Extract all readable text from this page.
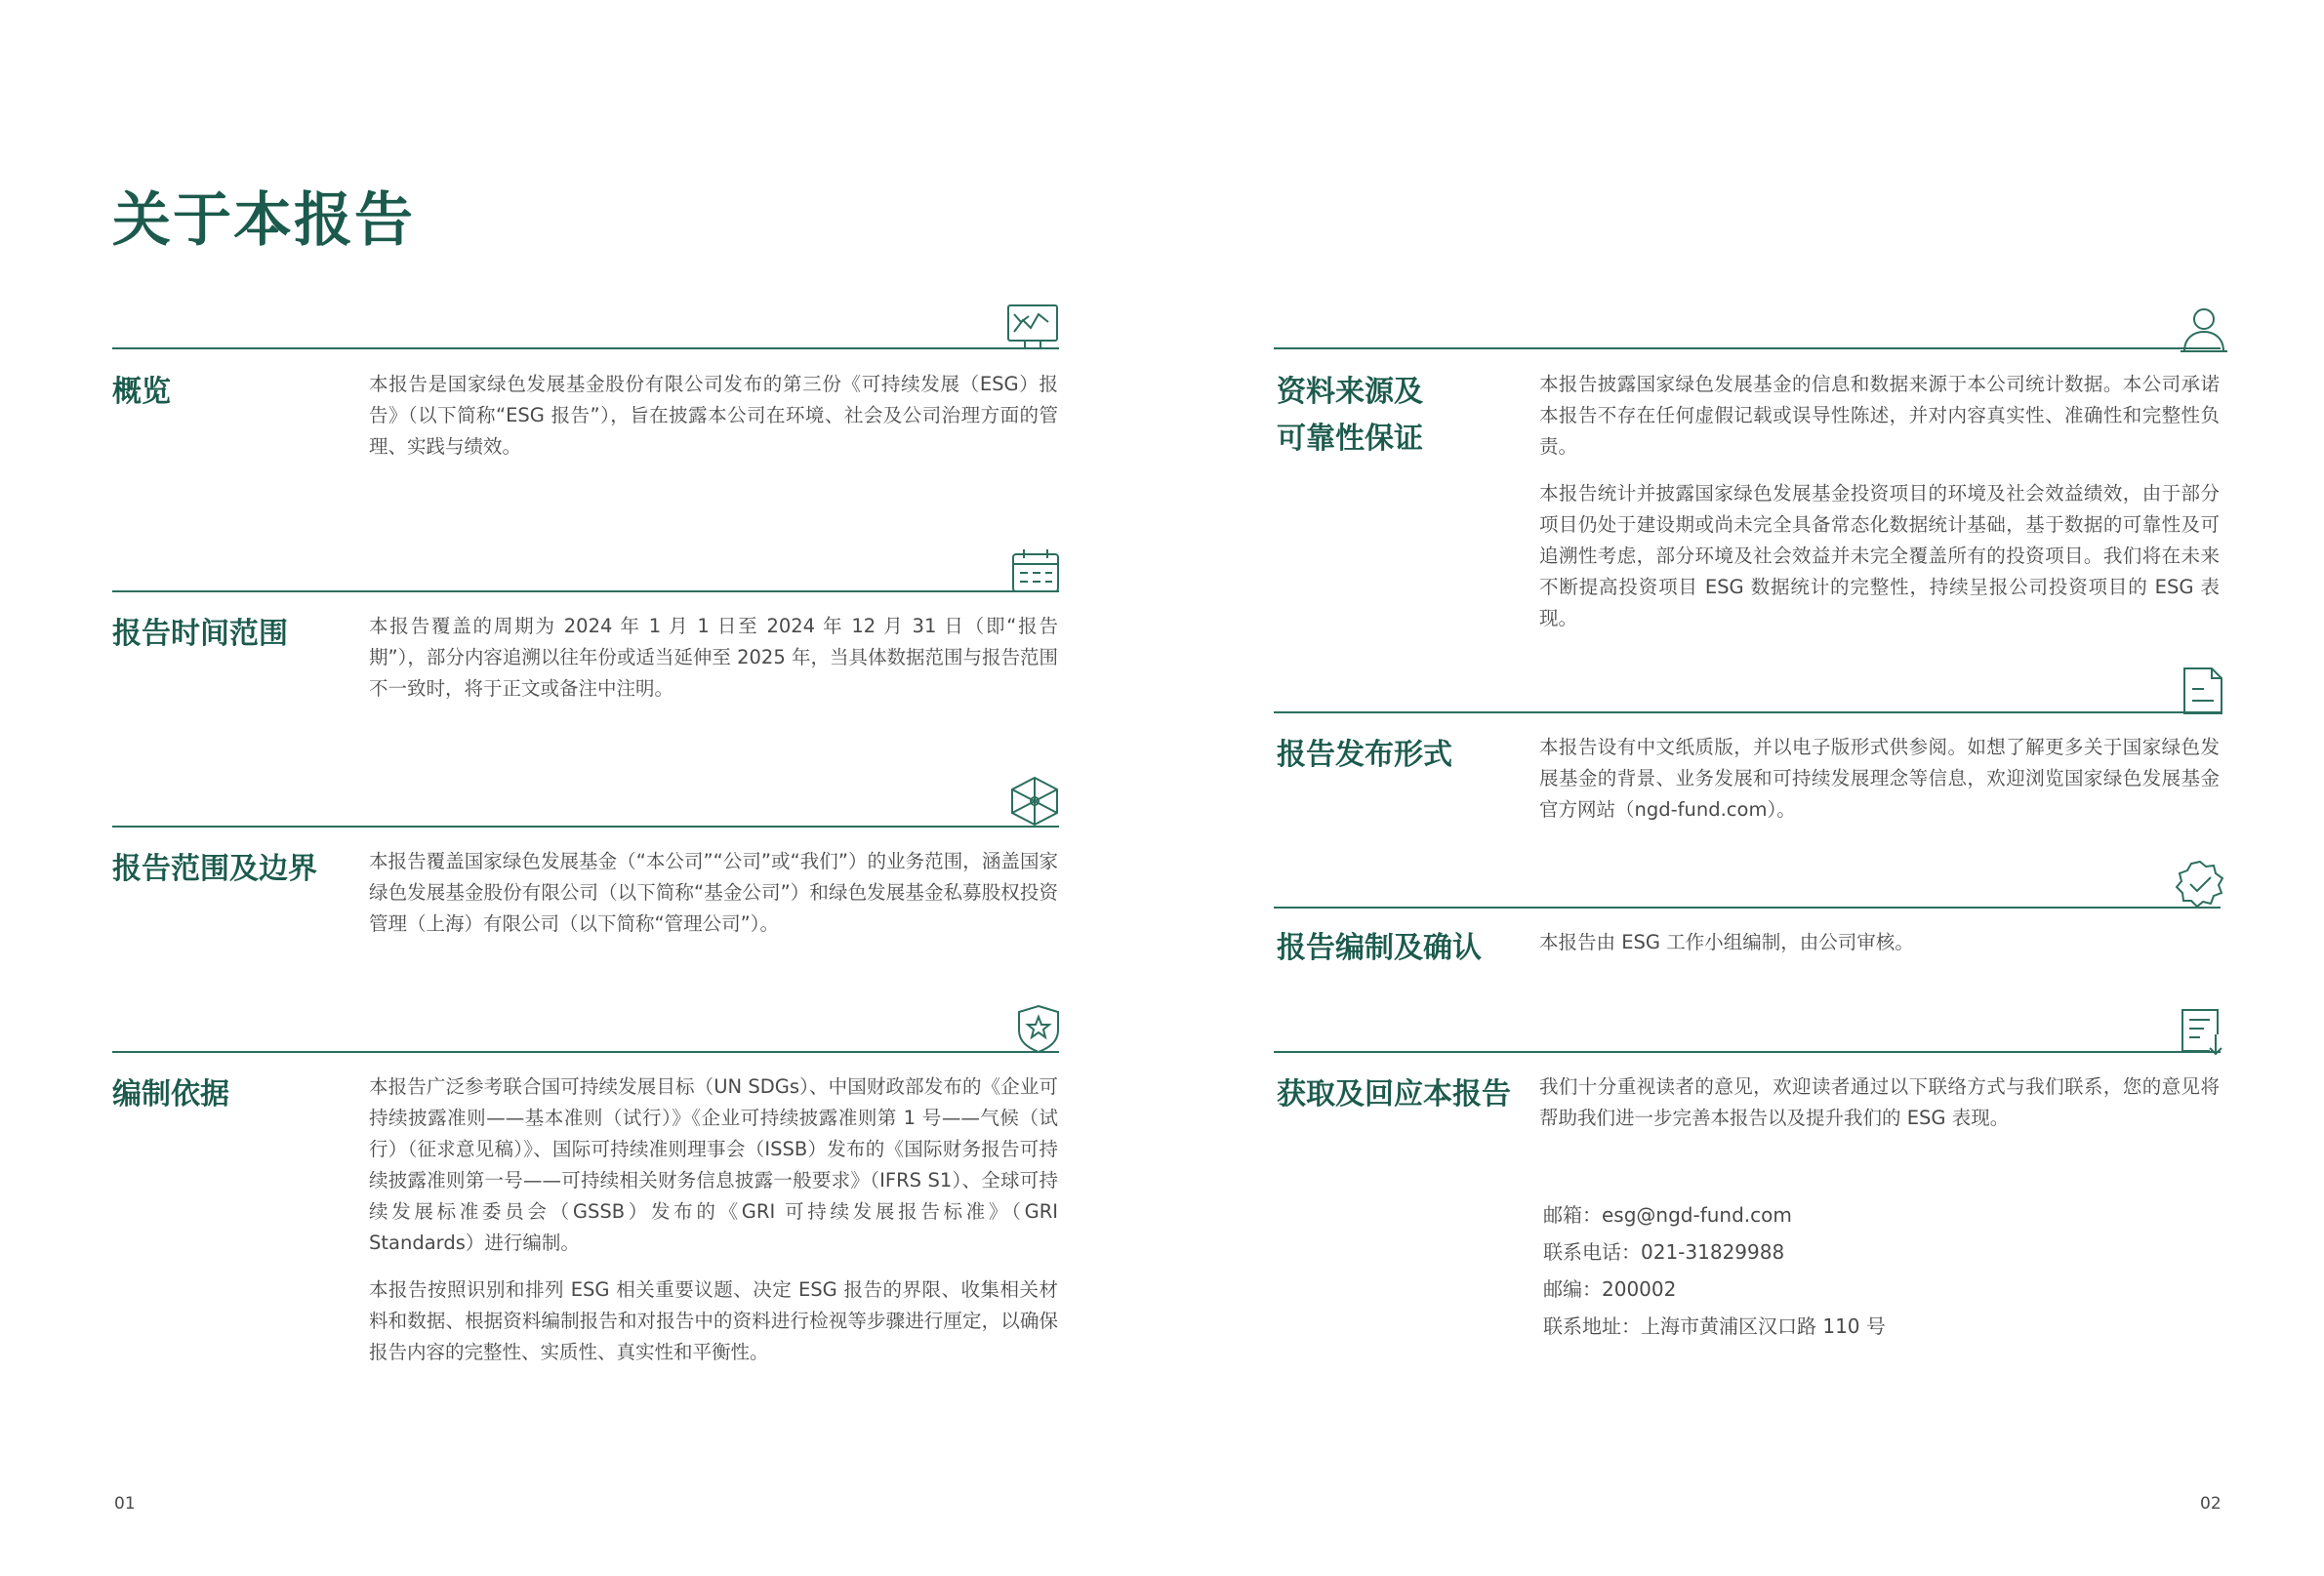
关于本报告
概览	本报告是国家绿色发展基金股份有限公司发布的第三份《可持续发展（ESG）报告》（以下简称“ESG 报告”），旨在披露本公司在环境、社会及公司治理方面的管理、实践与绩效。

报告时间范围	本报告覆盖的周期为 2024 年 1 月 1 日至 2024 年 12 月 31 日（即“报告期”），部分内容追溯以往年份或适当延伸至 2025 年，当具体数据范围与报告范围不一致时，将于正文或备注中注明。

报告范围及边界	本报告覆盖国家绿色发展基金（“本公司”“公司”或“我们”）的业务范围，涵盖国家绿色发展基金股份有限公司（以下简称“基金公司”）和绿色发展基金私募股权投资管理（上海）有限公司（以下简称“管理公司”）。

编制依据	本报告广泛参考联合国可持续发展目标（UN SDGs）、中国财政部发布的《企业可持续披露准则——基本准则（试行）》《企业可持续披露准则第 1 号——气候（试行）（征求意见稿）》、国际可持续准则理事会（ISSB）发布的《国际财务报告可持续披露准则第一号——可持续相关财务信息披露一般要求》（IFRS S1）、全球可持续发展标准委员会（GSSB）发布的《GRI 可持续发展报告标准》（GRI Standards）进行编制。

本报告按照识别和排列 ESG 相关重要议题、决定 ESG 报告的界限、收集相关材料和数据、根据资料编制报告和对报告中的资料进行检视等步骤进行厘定，以确保报告内容的完整性、实质性、真实性和平衡性。

资料来源及
可靠性保证

本报告披露国家绿色发展基金的信息和数据来源于本公司统计数据。本公司承诺本报告不存在任何虚假记载或误导性陈述，并对内容真实性、准确性和完整性负责。

本报告统计并披露国家绿色发展基金投资项目的环境及社会效益绩效，由于部分项目仍处于建设期或尚未完全具备常态化数据统计基础，基于数据的可靠性及可追溯性考虑，部分环境及社会效益并未完全覆盖所有的投资项目。我们将在未来不断提高投资项目 ESG 数据统计的完整性，持续呈报公司投资项目的 ESG 表现。

报告发布形式	本报告设有中文纸质版，并以电子版形式供参阅。如想了解更多关于国家绿色发展基金的背景、业务发展和可持续发展理念等信息，欢迎浏览国家绿色发展基金官方网站（ngd-fund.com）。

报告编制及确认	本报告由 ESG 工作小组编制，由公司审核。

获取及回应本报告 我们十分重视读者的意见，欢迎读者通过以下联络方式与我们联系，您的意见将帮助我们进一步完善本报告以及提升我们的 ESG 表现。

邮箱：esg@ngd-fund.com
联系电话：021-31829988
邮编：200002
联系地址：上海市黄浦区汉口路 110 号
01	02
